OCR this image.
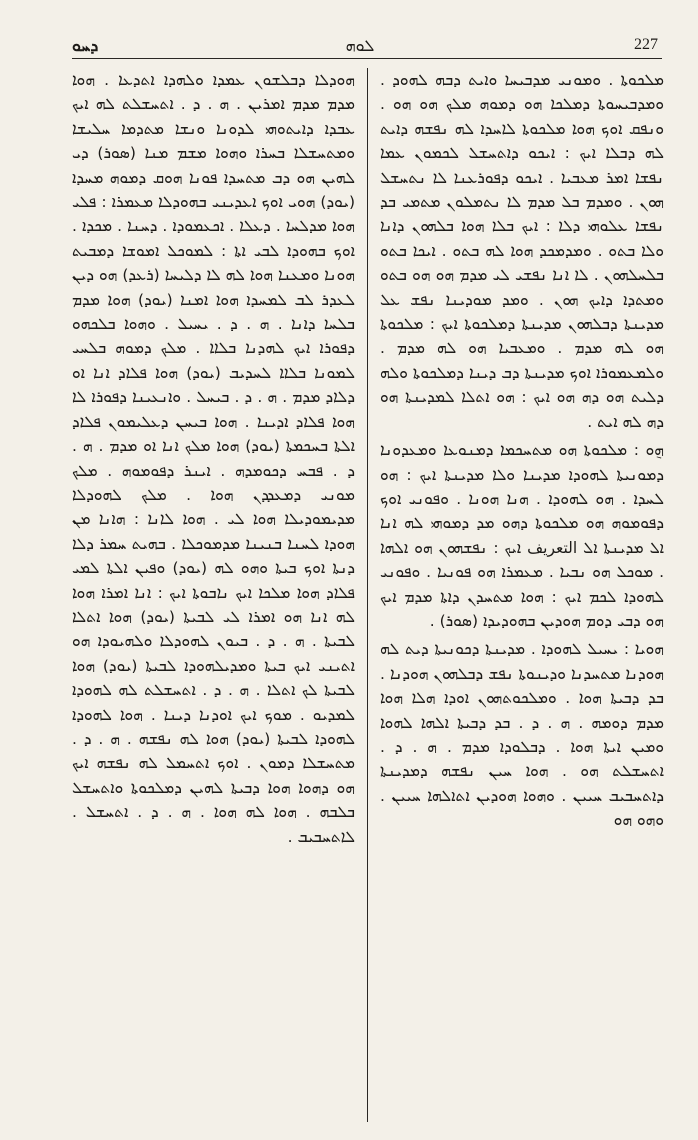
ܕܚܘ	ܠܘܗ	227

ܡܠܟܘܬܐ . ܘܡܘܢܝ ܡܕܒܝܚܐ ܘܐܝܬ ܕܒܗ ܠܗܘܕ . ܘܡܕܒܝܚܘܬܐ ܕܡܠܟܐ ܗܘ ܕܡܘܗ ܡܠܟ ܗܘ ܗܘ . ܘܢܦܩ ܐܘܟ ܗܘܐ ܡܠܟܘܬܐ ܠܐܚܕܐ ܠܗ ܢܦܫܗ ܕܐܝܬ ܠܗ ܕܒܠܐ ܐܝܟ : ܐܝܟܘ ܕܐܬܚܫܠ ܠܟܡܘܢ ܥܡܐ ܢܦܫܐ ܐܡܪ ܡܥܒܝܐ . ܐܝܟܘ ܕܦܘܪܥܢܐ ܠܐ ܢܬܚܫܠ ܗܘܢ . ܘܡܕܡ ܒܠ ܡܕܡ ܠܐ ܢܬܡܠܘܢ ܡܬܡܝ ܒܕ ܢܦܫܐ ܥܠܘܗܝ ܕܠܐ : ܐܝܟ ܒܠܐ ܗܘܐ ܒܠܗܘܢ ܕܐܢܐ ܘܠܐ ܒܬܘ . ܘܡܕܡܟܕ ܗܘܐ ܠܗ ܒܬܘ . ܐܝܟܐ ܒܬܘ ܒܠܚܠܗܘܢ . ܠܐ ܐܢܐ ܢܦܫܝ ܠܝ ܡܕܡ ܗܘ ܗܘ ܒܬܘ ܘܡܬܕܐ ܕܐܝܟ ܗܘܢ . ܘܡܕ ܡܘܕܝܢܐ ܢܦܫ ܥܠ ܡܕܝܢܬܐ ܕܒܠܗܘܢ ܡܕܝܢܬܐ ܕܡܠܟܘܬܐ ܐܝܟ : ܡܠܟܘܬܐ ܗܘ ܠܗ ܡܕܡ . ܘܡܥܒܝܐ ܗܘ ܠܗ ܡܕܡ . ܘܠܡܥܡܘܪܐ ܐܘܟ ܡܕܝܢܬܐ ܕܒ ܕܝܢܐ ܕܡܠܟܘܬܐ ܘܠܗ ܕܠܝܬ ܗܘ ܕܗ ܗܘ ܐܝܟ : ܗܘ ܐܬܠܐ ܠܡܕܝܢܬܐ ܗܘ ܕܗ ܠܗ ܐܝܬ .

ܗ݈ܘ : ܡܠܟܘܬܐ ܗܘ ܡܬܚܟܡܐ ܕܡܢܘܥܐ ܘܡܥܕܘܢܐ ܕܡܘܢܝܬܐ ܠܗܘܕܐ ܡܕܝܢܐ ܘܠܐ ܡܕܝܢܬܐ ܐܝܟ : ܗܘ ܠܚܕܐ . ܗܘ ܠܗܘܕܐ . ܗܢܐ ܗܘܢܐ . ܘܦܘܢܝ ܐܘܟ ܕܦܘܡܘܗ ܗܘ ܡܠܟܘܬܐ ܕܗܘ ܡܕ ܕܡܘܗܝ ܠܗ ܐܢܐ ܐܠ ܡܕܝܢܬܐ ܐܠ التعريف ܐܝܟ : ܢܦܫܗܘܢ ܗܘ ܐܠܗܐ . ܡܘܟܠ ܗܘ ܢܒܝܐ . ܡܥܡܪܐ ܗܘ ܦܘܢܝܐ . ܘܦܘܢܝ ܠܗܘܕܐ ܠܟܡ ܐܝܟ : ܗܘܐ ܡܬܚܕܢ ܕܐܬܐ ܡܕܡ ܐܝܟ ܗܘ ܕܒܝ ܕܘܡ ܗܘܕܝܢ ܒܗܘܕܝܕܐ (ܣܘܪ) .

ܗܘܝܐ : ܝܚܝܠ ܠܗܘܕܐ . ܡܕܝܢܬܐ ܕܟܘܢܝܬܐ ܕܝܬ ܠܗ ܗܘܕܢܐ ܡܬܚܕܢܐ ܘܕܝܢܘܬܐ ܢܦܫ ܕܒܠܗܘܢ ܗܘܕܢܐ . ܒܕ ܕܒܝܬܐ ܗܘܐ . ܘܡܠܟܘܬܗܘܢ ܐܘܕܐ ܗܠܐ ܗܘܐ ܡܕܡ ܕܘܡܗ . ܗ . ܕ . ܒܕ ܕܒܝܬܐ ܐܠܗܐ ܠܗܘܐ ܘܡܝܢ ܐܝܬܐ ܗܘܐ . ܕܒܠܘܕܐ ܡܕܡ . ܗ . ܕ . ܐܬܚܫܠܬ ܗܘ . ܗܘܐ ܚܝܢ ܢܦܫܗ ܕܡܕܝܢܬܐ ܕܐܬܚܒܝܒ ܚܝܝܢ . ܘܗܘܐ ܗܘܕܝܢ ܐܬܐܠܗܐ ܚܝܝܢ . ܘܗܘ ܗܘ

ܗܘܕܠܐ ܕܒܠܫܘܢ ܥܡܕܐ ܘܠܗܕܐ ܐܬܕܥܐ . ܗܘܐ ܡܕܡ ܡܕܡ ܐܡܪܝܢ . ܗ . ܕ . ܐܬܚܫܠܬ ܠܗ ܐܝܟ ܥܒܕܐ ܕܐܝܬܘܗܝ ܠܕܘܢܐ ܘܢܫܐ ܡܬܕܡܐ ܚܠܝܫܐ ܘܡܬܚܫܠܐ ܒܚܪܐ ܘܗܘܐ ܡܫܡ ܡܢܐ (ܣܘܪ) ܕܝ ܠܗܝܢ ܗܘ ܕܒ ܡܬܚܕܐ ܦܘܢܐ ܗܘܩ ܕܡܘܗ ܡܚܕܐ (ܝܘܕ) ܗܘܝ ܐܘܟ ܐܥܕܝܢܝ ܒܗܘܕܠܐ ܡܥܡܪܐ : ܦܠܝ ܗܘܐ ܡܕܠܚܐ . ܕܥܠܐ . ܐܟܥܡܘܕܐ . ܕܚܢܐ . ܡܟܕܐ . ܐܘܟ ܒܗܘܕܐ ܠܒܝ ܐܬܐ : ܠܡܘܟܠ ܐܡܘܫܐ ܕܡܒܝܬ ܗܘܢܐ ܘܡܥܢܐ ܗܘܐ ܠܗ ܠܐ ܕܠܝܚܐ (ܪܥܕ) ܗܘ ܕܝܢ ܠܥܕܪ ܠܒ ܠܡܚܕܐ ܗܘܐ ܐܡܢܐ (ܝܘܕ) ܗܘܐ ܡܕܡ ܒܠܚܐ ܕܐܢܐ . ܗ . ܕ . ܝܚܝܠ . ܘܗܘܐ ܒܠܟܗܘ ܕܦܘܪܐ ܐܝܟ ܠܗܕܢܐ ܒܠܐܐ . ܡܠܟ ܕܡܘܗ ܒܠܚܝ ܠܡܘܢܐ ܒܠܐܐ ܠܚܕܝܒ (ܝܘܕ) ܗܘܐ ܦܠܐܕ ܐܢܐ ܐܘ ܕܠܐܕ ܡܕܡ . ܗ . ܕ . ܒܝܚܠ . ܘܐܢܥܝܢܐ ܕܦܘܪܐ ܠܐ ܗܘܐ ܦܠܐܕ ܐܕܝܢܐ . ܗܘܐ ܒܝܚܢ ܕܥܠܝܡܘܢ ܦܠܐܕ ܐܠܬܐ ܒܚܟܡܬܐ (ܝܘܕ) ܗܘܐ ܡܠܟ ܐܢܐ ܐܘ ܡܕܡ . ܗ . ܕ . ܦܒܚ ܕܟܘܡܕܗ . ܐܝܢܪ ܕܦܘܡܘܗ . ܡܠܟ ܡܘܢܝ ܕܡܥܕܕܢ ܗܘܐ . ܡܠܟ ܠܗܘܕܠܐ ܡܕܝܡܘܕܝܠܐ ܗܘܐ ܠܝ . ܗܘܐ ܠܐܢܐ : ܗܐܢܐ ܡܢ ܗܘܕܐ ܠܚܢܐ ܒܢܝܢܐ ܡܕܡܘܟܠܐ . ܒܗܝܬ ܚܡܪ ܕܠܐ ܕܢܬܐ ܐܘܟ ܒܝܬܐ ܘܗܘ ܠܗ (ܝܘܕ) ܘܦܝܢ ܐܠܬܐ ܠܡܝ ܦܠܐܕ ܗܘܐ ܡܠܟܐ ܐܝܟ ܢܐܒܘܬܐ ܐܝܟ : ܐܢܐ ܐܡܪܐ ܗܘܐ ܠܗ ܐܢܐ ܗܘ ܐܡܪܐ ܠܝ ܠܒܝܬܐ (ܝܘܕ) ܗܘܐ ܐܬܠܐ ܠܒܝܬܐ . ܗ . ܕ . ܒܝܘܢ ܠܗܘܕܠܐ ܘܠܗܝܘܕܐ ܗܘ ܐܬܝܢܝ ܐܝܟ ܒܝܬܐ ܘܡܕܝܠܗܘܕܐ ܠܒܝܬܐ (ܝܘܕ) ܗܘܐ ܠܒܝܬܐ ܠܟ ܐܬܠܐ . ܗ . ܕ . ܐܬܚܫܠܬ ܠܗ ܠܗܘܕܐ ܠܡܕܝܘ . ܡܘܟ ܐܝܟ ܐܘܕܢܐ ܕܝܢܐ . ܗܘܐ ܠܗܘܕܐ ܠܗܘܕܐ ܠܒܝܬܐ (ܝܘܕ) ܗܘܐ ܠܗ ܢܦܫܗ . ܗ . ܕ . ܡܬܚܫܠܐ ܕܡܘܢ . ܐܘܟ ܐܬܚܡܠ ܠܗ ܢܦܫܗ ܐܝܟ ܗܘ ܕܗܘܐ ܗܘܐ ܕܒܝܬܐ ܠܗܝܢ ܕܡܠܟܘܬܐ ܘܐܬܚܫܠ ܒܠܒܗ . ܗܘܐ ܠܗ ܗܘܐ . ܗ . ܕ . ܐܬܚܫܠ . ܠܐܬܚܒܝܒ .
